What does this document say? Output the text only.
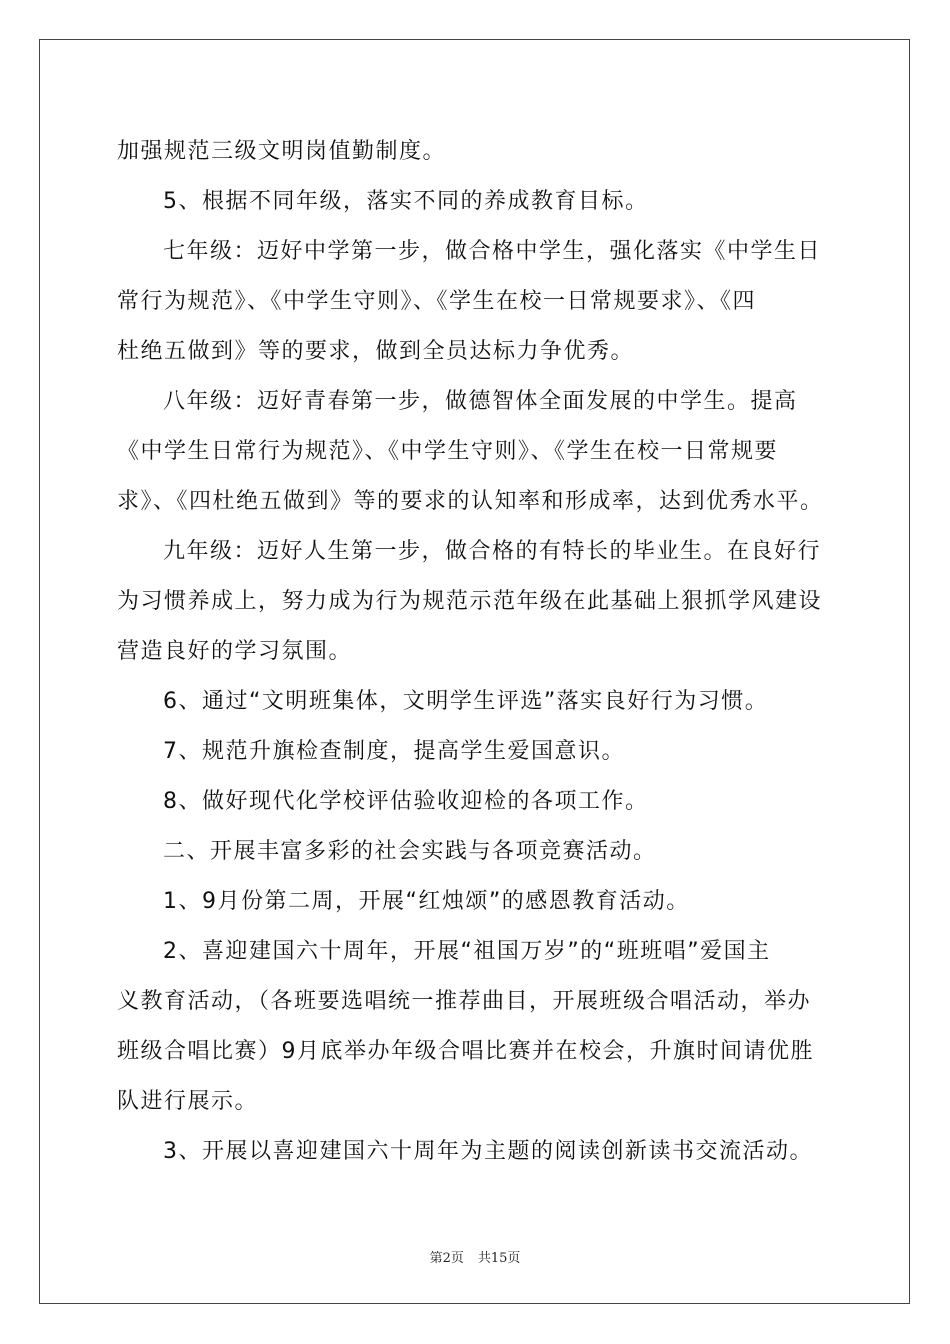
加强规范三级文明岗值勤制度。
5、根据不同年级，落实不同的养成教育目标。
七年级：迈好中学第一步，做合格中学生，强化落实《中学生日
常行为规范》、《中学生守则》、《学生在校一日常规要求》、《四
杜绝五做到》等的要求，做到全员达标力争优秀。
八年级：迈好青春第一步，做德智体全面发展的中学生。提高
《中学生日常行为规范》、《中学生守则》、《学生在校一日常规要
求》、《四杜绝五做到》等的要求的认知率和形成率，达到优秀水平。
九年级：迈好人生第一步，做合格的有特长的毕业生。在良好行
为习惯养成上，努力成为行为规范示范年级在此基础上狠抓学风建设
营造良好的学习氛围。
6、通过“文明班集体，文明学生评选”落实良好行为习惯。
7、规范升旗检查制度，提高学生爱国意识。
8、做好现代化学校评估验收迎检的各项工作。
二、开展丰富多彩的社会实践与各项竞赛活动。
1、9月份第二周，开展“红烛颂”的感恩教育活动。
2、喜迎建国六十周年，开展“祖国万岁”的“班班唱”爱国主
义教育活动，（各班要选唱统一推荐曲目，开展班级合唱活动，举办
班级合唱比赛）9月底举办年级合唱比赛并在校会，升旗时间请优胜
队进行展示。
3、开展以喜迎建国六十周年为主题的阅读创新读书交流活动。
第2页 共15页
